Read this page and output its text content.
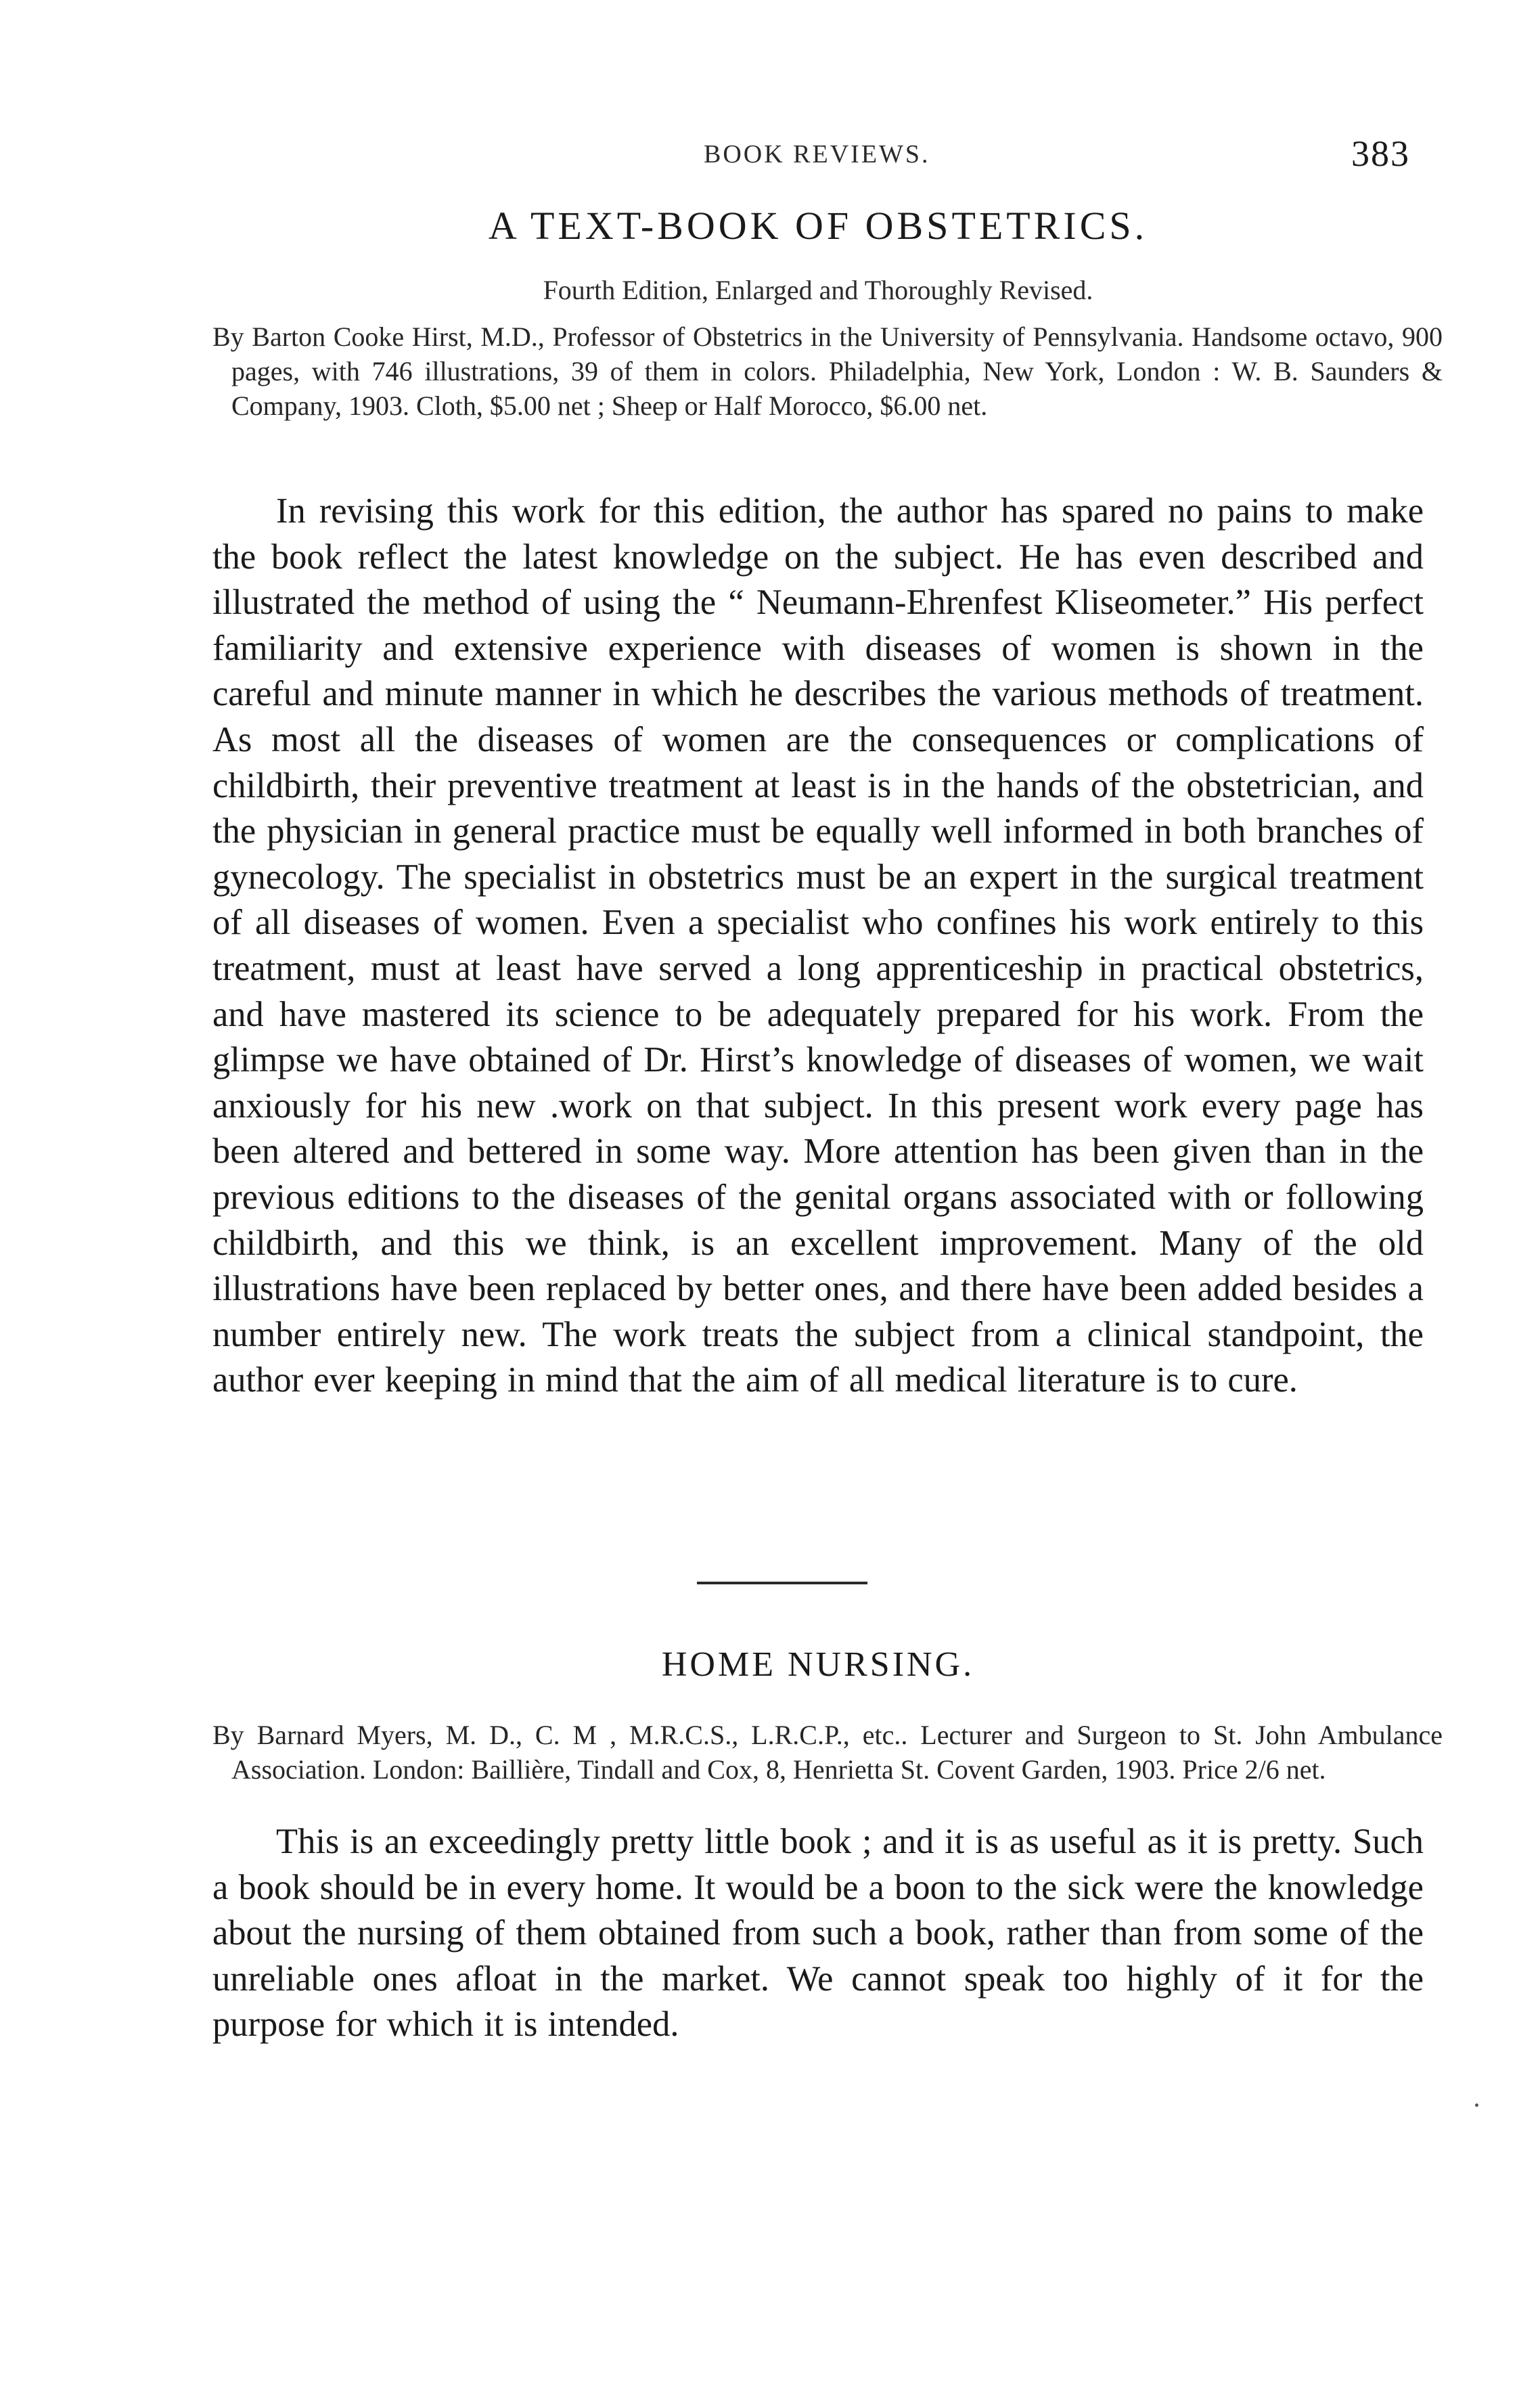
BOOK REVIEWS.	383
A TEXT-BOOK OF OBSTETRICS.
Fourth Edition, Enlarged and Thoroughly Revised.

By Barton Cooke Hirst, M.D., Professor of Obstetrics in the University of Pennsylvania. Handsome octavo, 900 pages, with 746 illustrations, 39 of them in colors. Philadelphia, New York, London : W. B. Saunders & Company, 1903. Cloth, $5.00 net ; Sheep or Half Morocco, $6.00 net.

In revising this work for this edition, the author has spared no pains to make the book reflect the latest knowledge on the subject. He has even described and illustrated the method of using the “ Neumann-Ehrenfest Kliseometer.” His perfect familiarity and extensive experience with diseases of women is shown in the careful and minute manner in which he describes the various methods of treatment. As most all the diseases of women are the consequences or complications of childbirth, their preventive treatment at least is in the hands of the obstetrician, and the physician in general practice must be equally well informed in both branches of gynecology. The specialist in obstetrics must be an expert in the surgical treatment of all diseases of women. Even a specialist who confines his work entirely to this treatment, must at least have served a long apprenticeship in practical obstetrics, and have mastered its science to be adequately prepared for his work. From the glimpse we have obtained of Dr. Hirst’s knowledge of diseases of women, we wait anxiously for his new .work on that subject. In this present work every page has been altered and bettered in some way. More attention has been given than in the previous editions to the diseases of the genital organs associated with or following childbirth, and this we think, is an excellent improvement. Many of the old illustrations have been replaced by better ones, and there have been added besides a number entirely new. The work treats the subject from a clinical standpoint, the author ever keeping in mind that the aim of all medical literature is to cure.

HOME NURSING.

By Barnard Myers, M. D., C. M , M.R.C.S., L.R.C.P., etc.. Lecturer and Surgeon to St. John Ambulance Association. London: Baillière, Tindall and Cox, 8, Henrietta St. Covent Garden, 1903. Price 2/6 net.

This is an exceedingly pretty little book ; and it is as useful as it is pretty. Such a book should be in every home. It would be a boon to the sick were the knowledge about the nursing of them obtained from such a book, rather than from some of the unreliable ones afloat in the market. We cannot speak too highly of it for the purpose for which it is intended.
